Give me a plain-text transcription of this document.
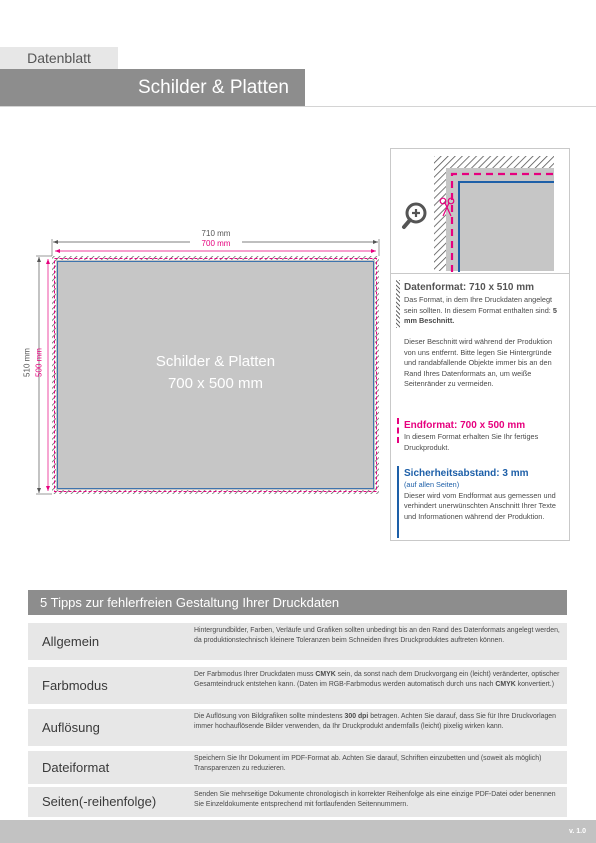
Datenblatt
Schilder & Platten
710 mm
700 mm
510 mm 500 mm	Schilder & Platten
700 x 500 mm
Datenformat: 710 x 510 mm
Das Format, in dem Ihre Druckdaten angelegt sein sollten. In diesem Format enthalten sind: 5 mm Beschnitt.
Dieser Beschnitt wird während der Produktion von uns entfernt. Bitte legen Sie Hintergründe und randabfallende Objekte immer bis an den Rand Ihres Datenformats an, um weiße Seitenränder zu vermeiden.
Endformat: 700 x 500 mm
In diesem Format erhalten Sie Ihr fertiges Druckprodukt.
Sicherheitsabstand: 3 mm
(auf allen Seiten)
Dieser wird vom Endformat aus gemessen und verhindert unerwünschten Anschnitt Ihrer Texte und Informationen während der Produktion.
5 Tipps zur fehlerfreien Gestaltung Ihrer Druckdaten
Allgemein
Hintergrundbilder, Farben, Verläufe und Grafiken sollten unbedingt bis an den Rand des Datenformats angelegt werden, da produktionstechnisch kleinere Toleranzen beim Schneiden Ihres Druckproduktes auftreten können.
Farbmodus
Der Farbmodus Ihrer Druckdaten muss CMYK sein, da sonst nach dem Druckvorgang ein (leicht) veränderter, optischer Gesamteindruck entstehen kann. (Daten im RGB-Farbmodus werden automatisch durch uns nach CMYK konvertiert.)
Auflösung
Die Auflösung von Bildgrafiken sollte mindestens 300 dpi betragen. Achten Sie darauf, dass Sie für Ihre Druckvorlagen immer hochauflösende Bilder verwenden, da Ihr Druckprodukt andernfalls (leicht) pixelig wirken kann.
Dateiformat
Speichern Sie Ihr Dokument im PDF-Format ab. Achten Sie darauf, Schriften einzubetten und (soweit als möglich) Transparenzen zu reduzieren.
Seiten(-reihenfolge)	Senden Sie mehrseitige Dokumente chronologisch in korrekter Reihenfolge als eine einzige PDF-Datei oder benennen Sie Einzeldokumente entsprechend mit fortlaufenden Seitennummern.
v. 1.0
